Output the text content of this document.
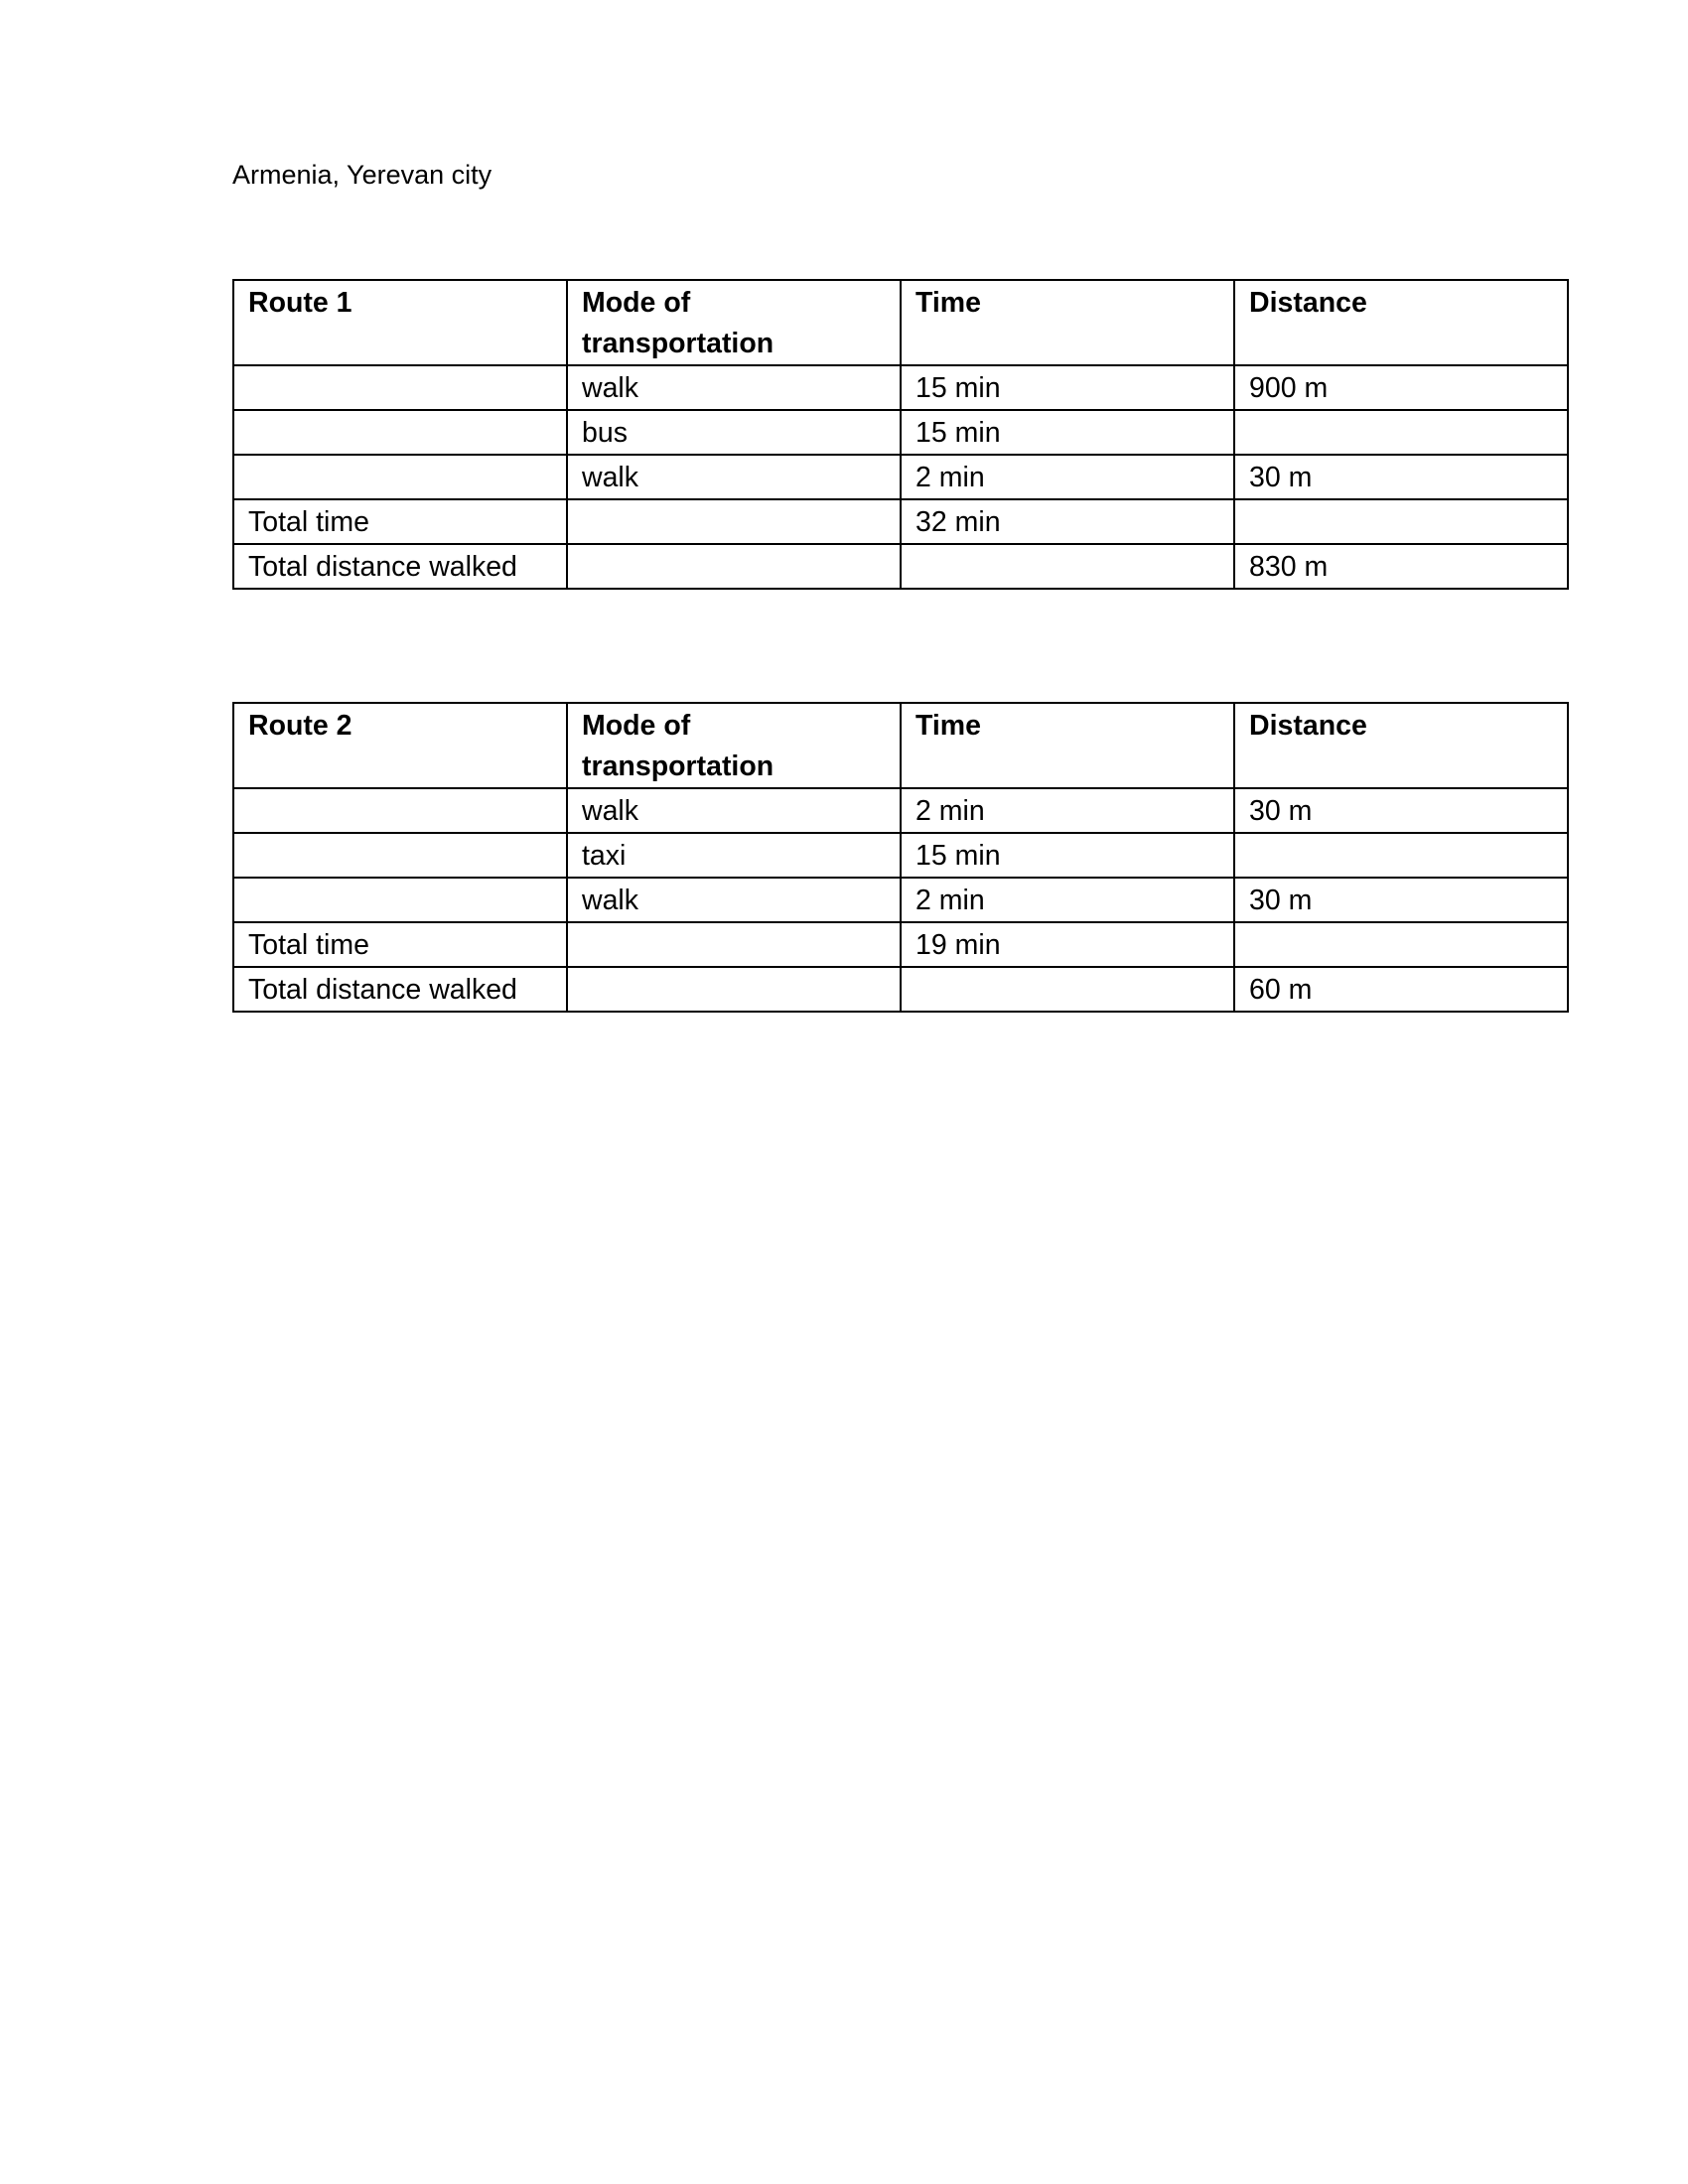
Armenia, Yerevan city
Route 1	Mode of transportation	Time	Distance
	walk	15 min	900 m
	bus	15 min	
	walk	2 min	30 m
Total time		32 min	
Total distance walked			830 m
Route 2	Mode of transportation	Time	Distance
	walk	2 min	30 m
	taxi	15 min	
	walk	2 min	30 m
Total time		19 min	
Total distance walked			60 m
